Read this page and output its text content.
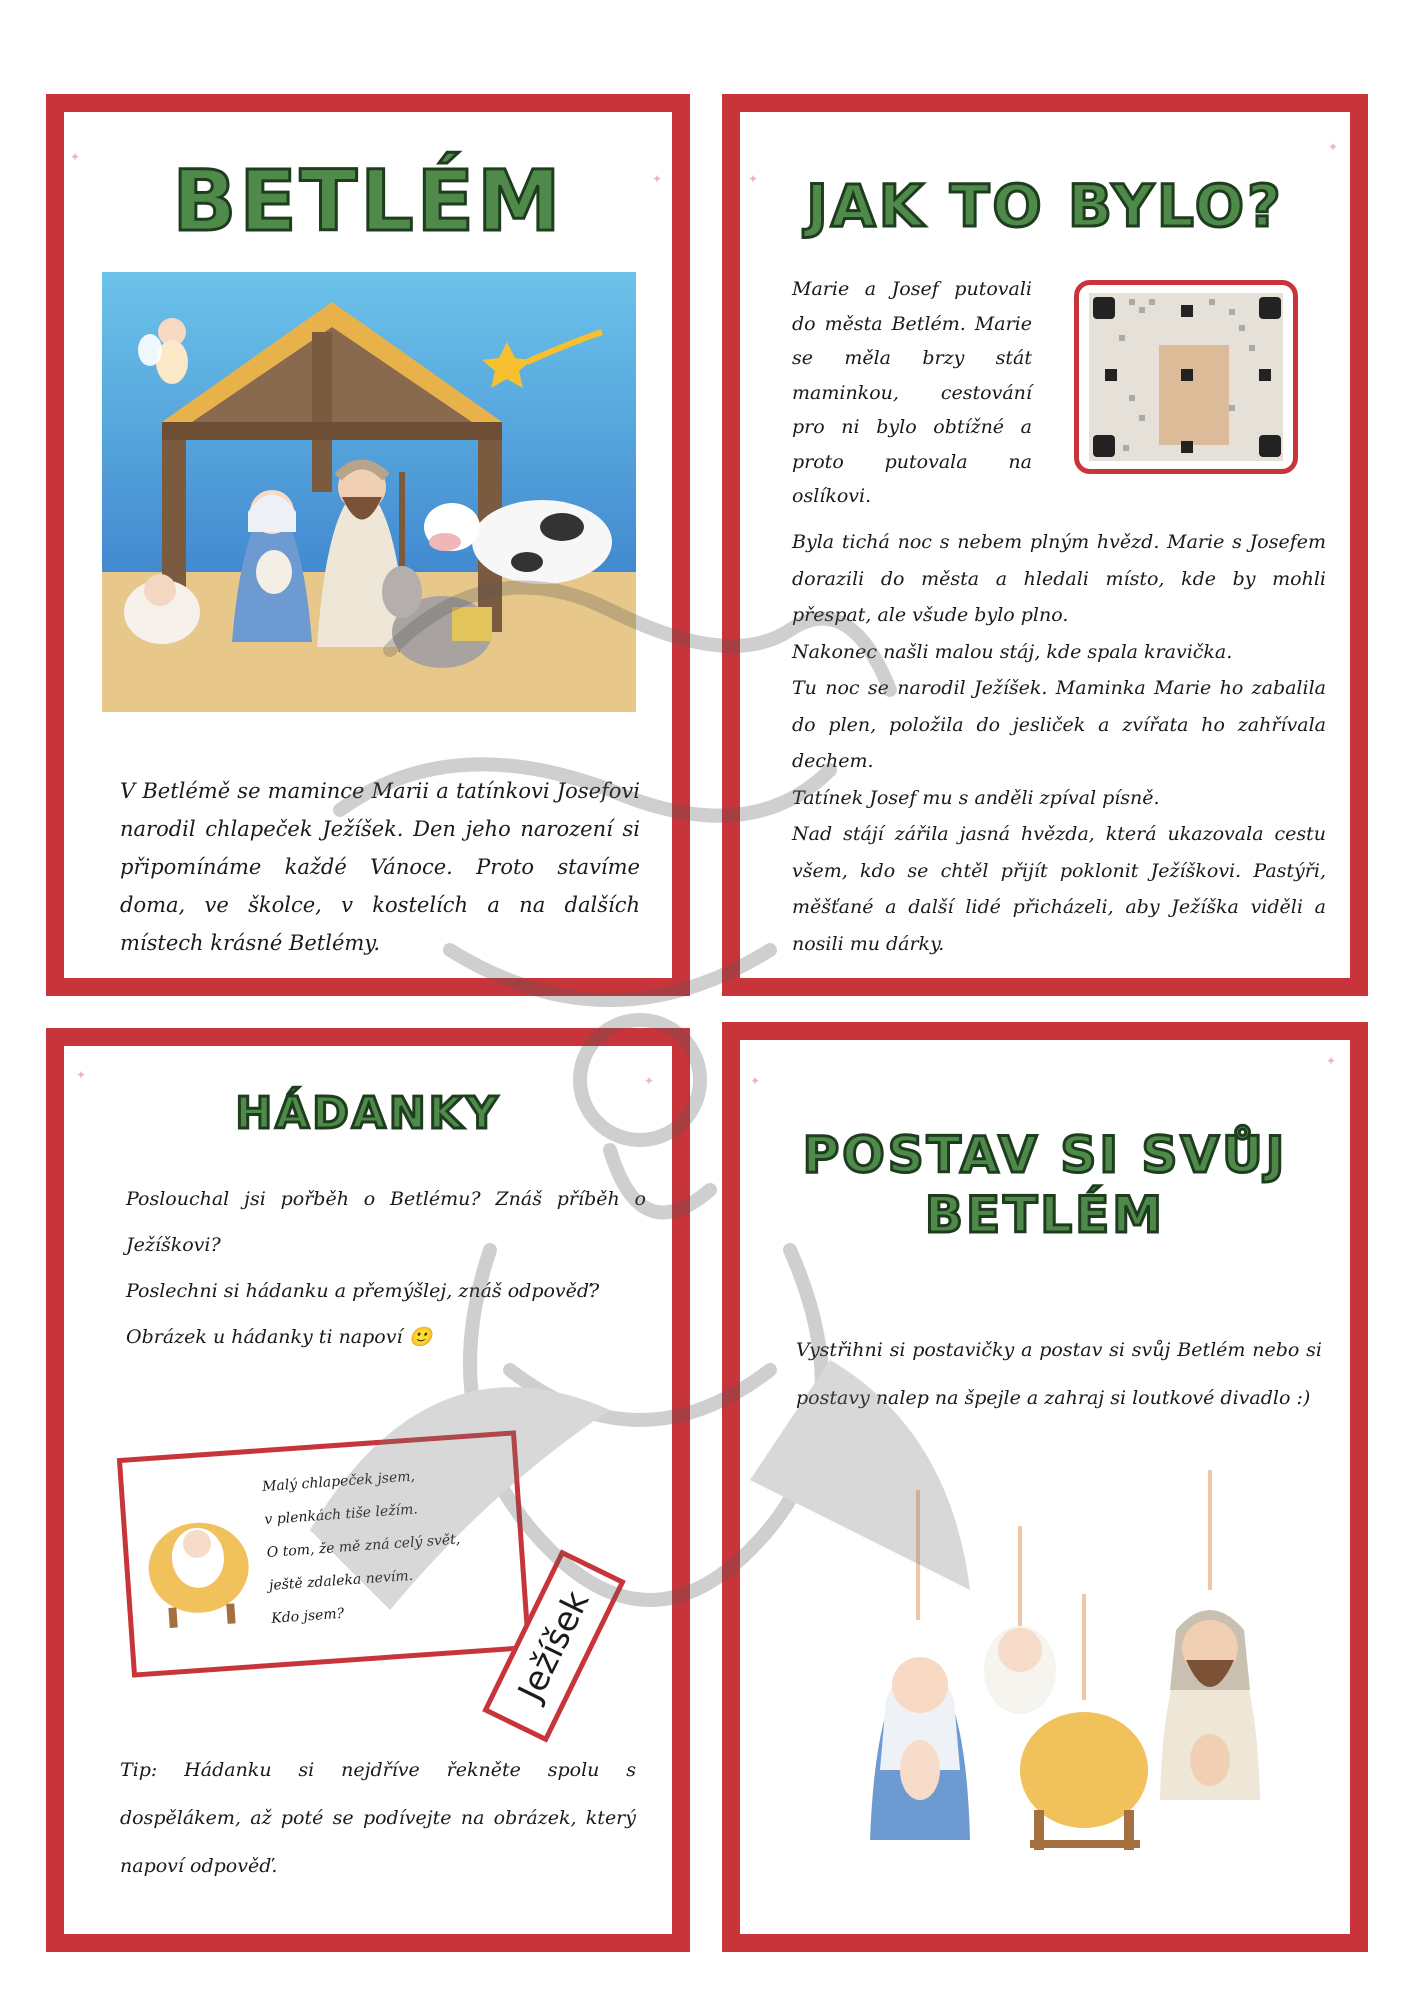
✦
✦
BETLÉM
V Betlémě se mamince Marii a tatínkovi Josefovi narodil chlapeček Ježíšek. Den jeho narození si připomínáme každé Vánoce. Proto stavíme doma, ve školce, v kostelích a na dalších místech krásné Betlémy.
✦
✦
JAK TO BYLO?
Marie a Josef putovali do města Betlém. Marie se měla brzy stát maminkou, cestování pro ni bylo obtížné a proto putovala na oslíkovi.
Byla tichá noc s nebem plným hvězd. Marie s Josefem dorazili do města a hledali místo, kde by mohli přespat, ale všude bylo plno.
Nakonec našli malou stáj, kde spala kravička.
Tu noc se narodil Ježíšek. Maminka Marie ho zabalila do plen, položila do jesliček a zvířata ho zahřívala dechem.
Tatínek Josef mu s anděli zpíval písně.
Nad stájí zářila jasná hvězda, která ukazovala cestu všem, kdo se chtěl přijít poklonit Ježíškovi. Pastýři, měšťané a další lidé přicházeli, aby Ježíška viděli a nosili mu dárky.
✦	✦
HÁDANKY
Poslouchal jsi pořběh o Betlému? Znáš příběh o Ježíškovi?
Poslechni si hádanku a přemýšlej, znáš odpověď?
Obrázek u hádanky ti napoví 🙂
Malý chlapeček jsem,
v plenkách tiše ležím.
O tom, že mě zná celý svět,
ještě zdaleka nevím.
Kdo jsem?	Ježíšek
Tip: Hádanku si nejdříve řekněte spolu s dospělákem, až poté se podívejte na obrázek, který napoví odpověď.
✦
✦
POSTAV SI SVŮJ
BETLÉM
Vystřihni si postavičky a postav si svůj Betlém nebo si postavy nalep na špejle a zahraj si loutkové divadlo :)
